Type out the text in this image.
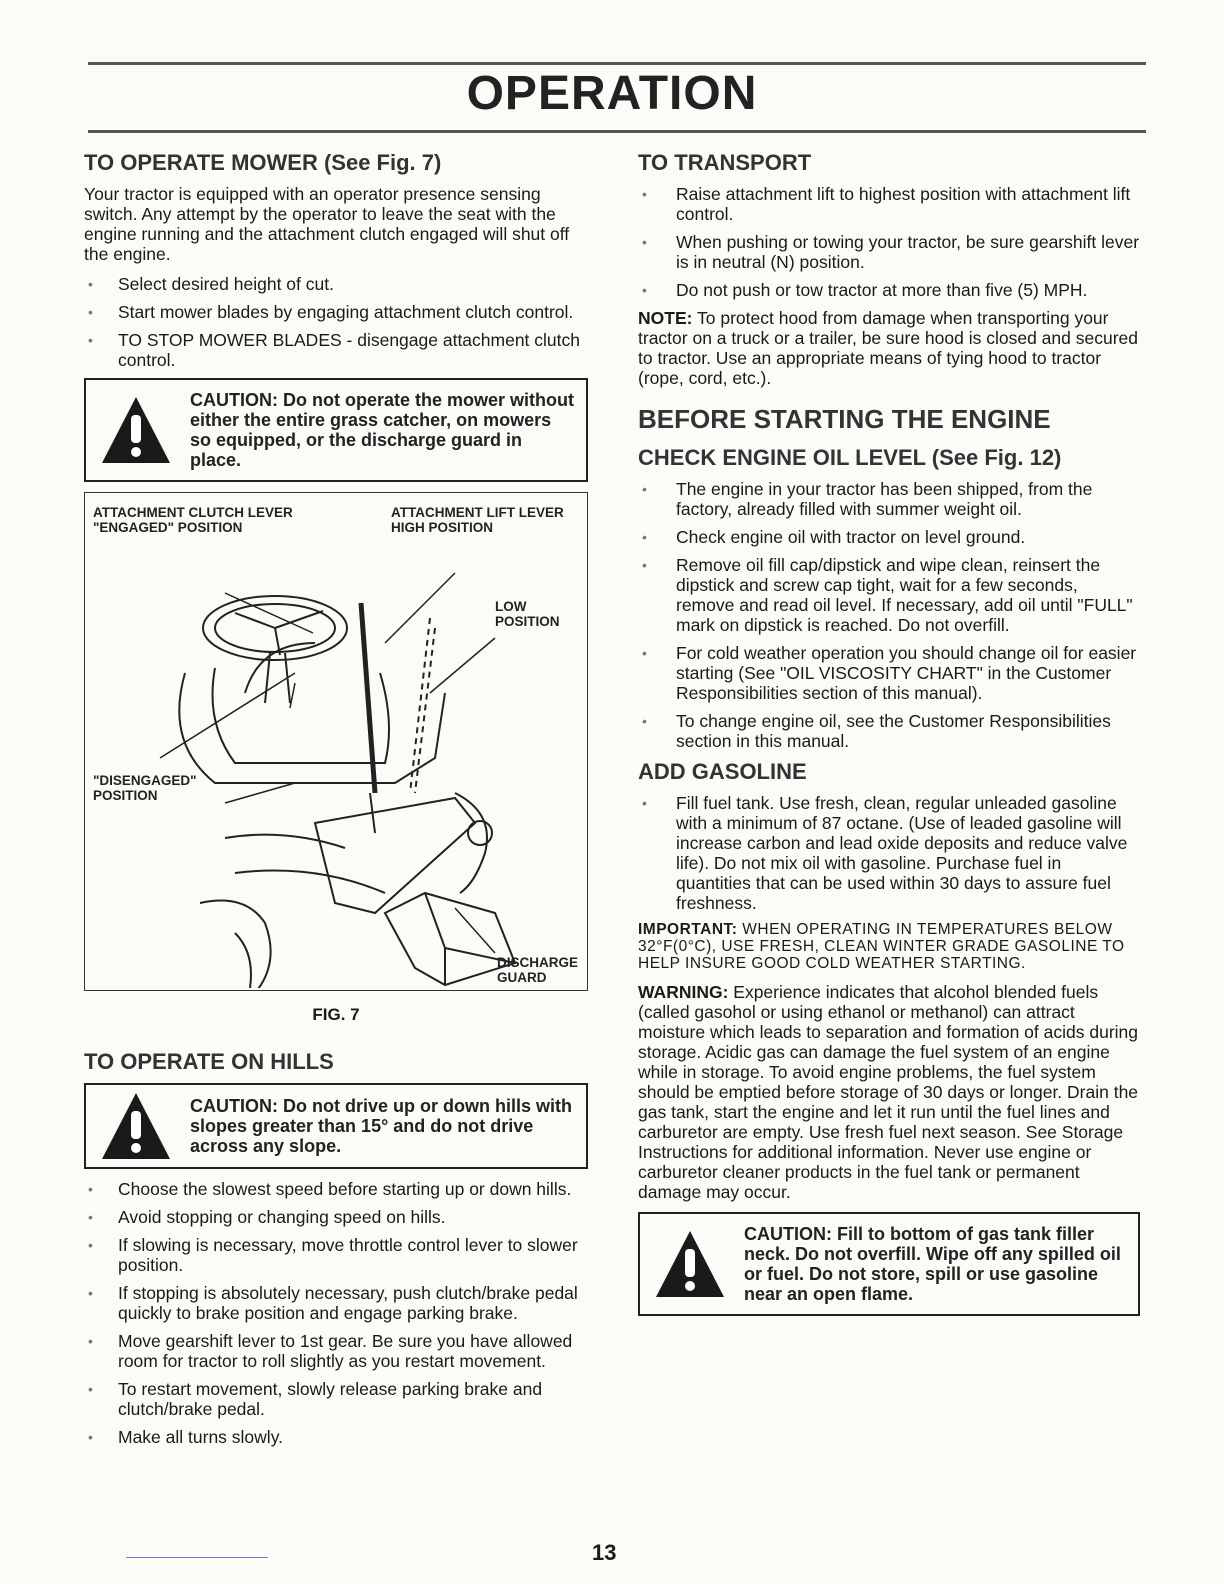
OPERATION
TO OPERATE MOWER (See Fig. 7)

Your tractor is equipped with an operator presence sensing switch. Any attempt by the operator to leave the seat with the engine running and the attachment clutch engaged will shut off the engine.

• Select desired height of cut.
• Start mower blades by engaging attachment clutch control.
• TO STOP MOWER BLADES - disengage attachment clutch control.
CAUTION: Do not operate the mower without either the entire grass catcher, on mowers so equipped, or the discharge guard in place.
ATTACHMENT CLUTCH LEVER "ENGAGED" POSITION
ATTACHMENT LIFT LEVER HIGH POSITION
LOW POSITION
"DISENGAGED" POSITION
DISCHARGE GUARD
FIG. 7
TO OPERATE ON HILLS
CAUTION: Do not drive up or down hills with slopes greater than 15° and do not drive across any slope.
• Choose the slowest speed before starting up or down hills.
• Avoid stopping or changing speed on hills.
• If slowing is necessary, move throttle control lever to slower position.
• If stopping is absolutely necessary, push clutch/brake pedal quickly to brake position and engage parking brake.
• Move gearshift lever to 1st gear. Be sure you have allowed room for tractor to roll slightly as you restart movement.
• To restart movement, slowly release parking brake and clutch/brake pedal.
• Make all turns slowly.
TO TRANSPORT
• Raise attachment lift to highest position with attachment lift control.
• When pushing or towing your tractor, be sure gearshift lever is in neutral (N) position.
• Do not push or tow tractor at more than five (5) MPH.

NOTE: To protect hood from damage when transporting your tractor on a truck or a trailer, be sure hood is closed and secured to tractor. Use an appropriate means of tying hood to tractor (rope, cord, etc.).

BEFORE STARTING THE ENGINE
CHECK ENGINE OIL LEVEL (See Fig. 12)
• The engine in your tractor has been shipped, from the factory, already filled with summer weight oil.
• Check engine oil with tractor on level ground.
• Remove oil fill cap/dipstick and wipe clean, reinsert the dipstick and screw cap tight, wait for a few seconds, remove and read oil level. If necessary, add oil until "FULL" mark on dipstick is reached. Do not overfill.
• For cold weather operation you should change oil for easier starting (See "OIL VISCOSITY CHART" in the Customer Responsibilities section of this manual).
• To change engine oil, see the Customer Responsibilities section in this manual.
ADD GASOLINE
• Fill fuel tank. Use fresh, clean, regular unleaded gasoline with a minimum of 87 octane. (Use of leaded gasoline will increase carbon and lead oxide deposits and reduce valve life). Do not mix oil with gasoline. Purchase fuel in quantities that can be used within 30 days to assure fuel freshness.

IMPORTANT: WHEN OPERATING IN TEMPERATURES BELOW 32°F(0°C), USE FRESH, CLEAN WINTER GRADE GASOLINE TO HELP INSURE GOOD COLD WEATHER STARTING.

WARNING: Experience indicates that alcohol blended fuels (called gasohol or using ethanol or methanol) can attract moisture which leads to separation and formation of acids during storage. Acidic gas can damage the fuel system of an engine while in storage. To avoid engine problems, the fuel system should be emptied before storage of 30 days or longer. Drain the gas tank, start the engine and let it run until the fuel lines and carburetor are empty. Use fresh fuel next season. See Storage Instructions for additional information. Never use engine or carburetor cleaner products in the fuel tank or permanent damage may occur.

CAUTION: Fill to bottom of gas tank filler neck. Do not overfill. Wipe off any spilled oil or fuel. Do not store, spill or use gasoline near an open flame.
13
